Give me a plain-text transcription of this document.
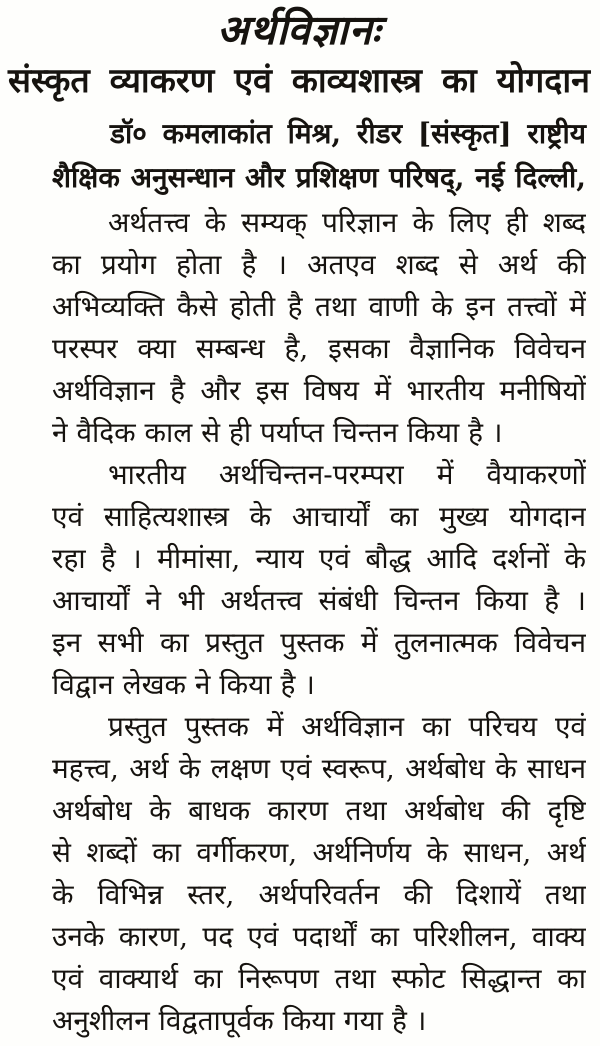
अर्थविज्ञानः
संस्कृत व्याकरण एवं काव्यशास्त्र का योगदान
डॉ० कमलाकांत मिश्र, रीडर [संस्कृत] राष्ट्रीय
शैक्षिक अनुसन्धान और प्रशिक्षण परिषद्, नई दिल्ली,
अर्थतत्त्व के सम्यक् परिज्ञान के लिए ही शब्द
का प्रयोग होता है । अतएव शब्द से अर्थ की
अभिव्यक्ति कैसे होती है तथा वाणी के इन तत्त्वों में
परस्पर क्या सम्बन्ध है, इसका वैज्ञानिक विवेचन
अर्थविज्ञान है और इस विषय में भारतीय मनीषियों
ने वैदिक काल से ही पर्याप्त चिन्तन किया है ।
भारतीय अर्थचिन्तन-परम्परा में वैयाकरणों
एवं साहित्यशास्त्र के आचार्यों का मुख्य योगदान
रहा है । मीमांसा, न्याय एवं बौद्ध आदि दर्शनों के
आचार्यों ने भी अर्थतत्त्व संबंधी चिन्तन किया है ।
इन सभी का प्रस्तुत पुस्तक में तुलनात्मक विवेचन
विद्वान लेखक ने किया है ।
प्रस्तुत पुस्तक में अर्थविज्ञान का परिचय एवं
महत्त्व, अर्थ के लक्षण एवं स्वरूप, अर्थबोध के साधन
अर्थबोध के बाधक कारण तथा अर्थबोध की दृष्टि
से शब्दों का वर्गीकरण, अर्थनिर्णय के साधन, अर्थ
के विभिन्न स्तर, अर्थपरिवर्तन की दिशायें तथा
उनके कारण, पद एवं पदार्थों का परिशीलन, वाक्य
एवं वाक्यार्थ का निरूपण तथा स्फोट सिद्धान्त का
अनुशीलन विद्वतापूर्वक किया गया है ।
